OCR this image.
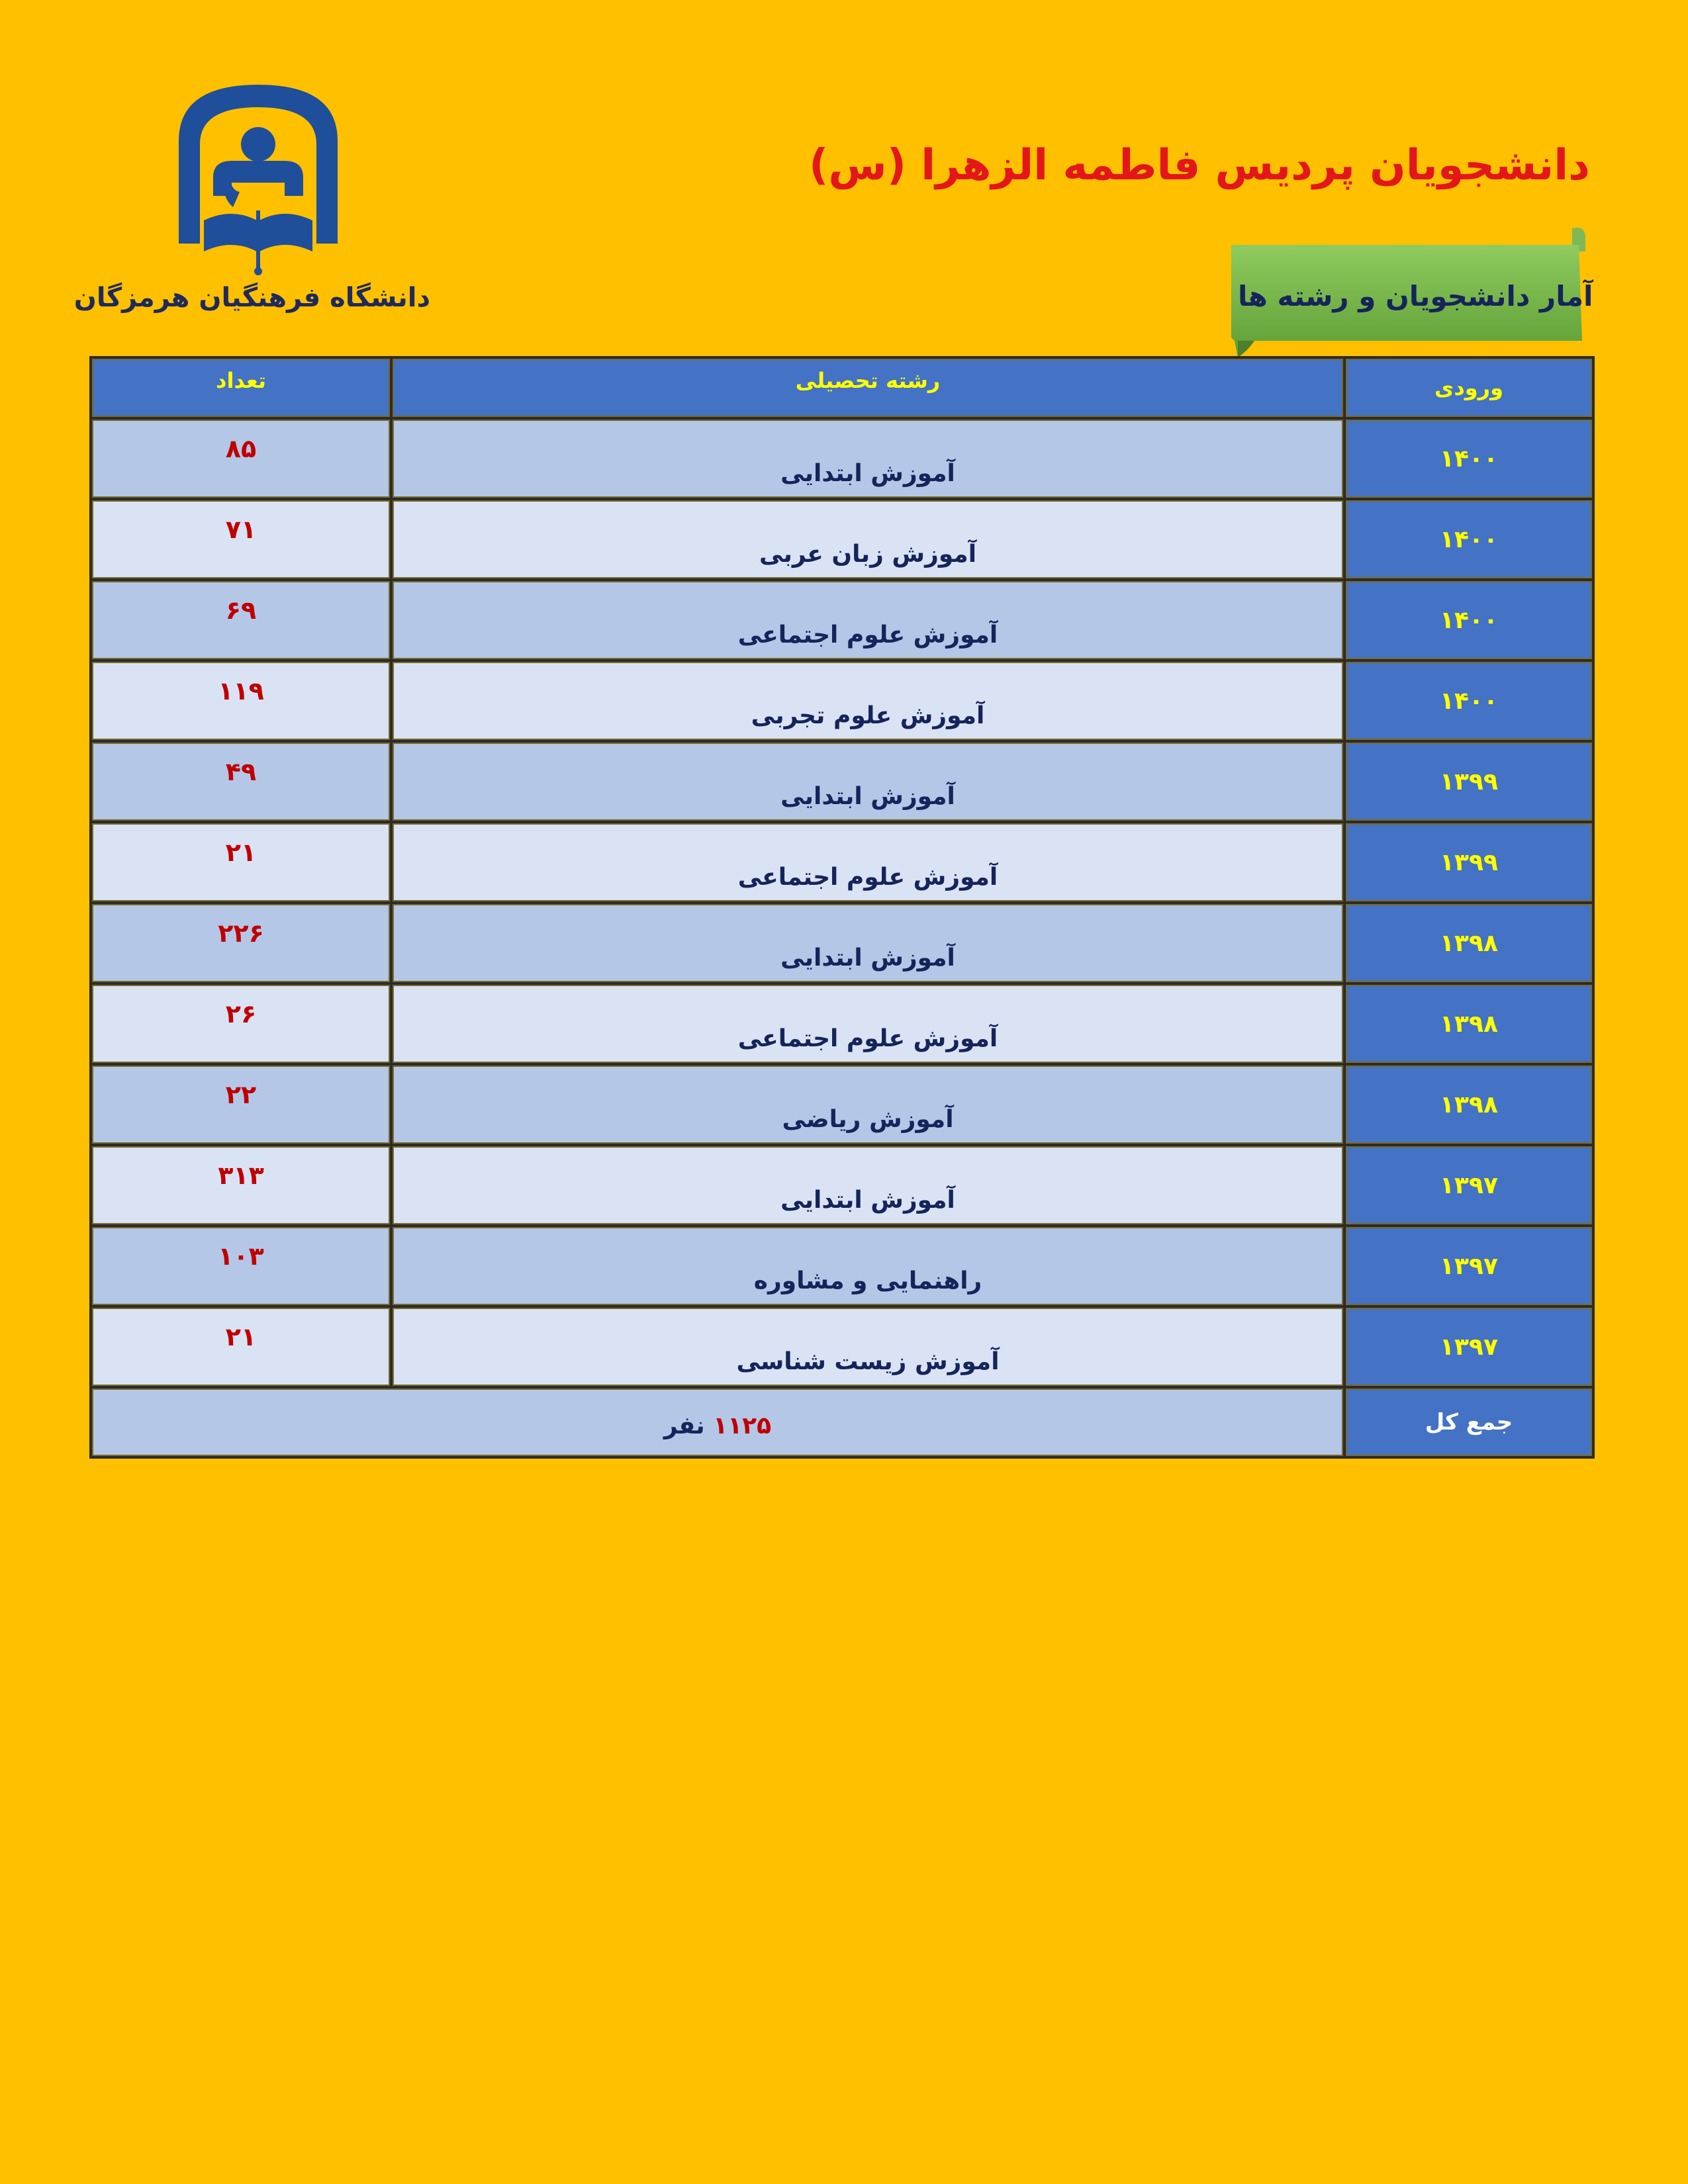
دانشجویان پردیس فاطمه الزهرا (س)
دانشگاه فرهنگیان هرمزگان	آمار دانشجویان و رشته ها
ورودی	رشته تحصیلی	تعداد
۱۴۰۰	آموزش ابتدایی	۸۵
۱۴۰۰	آموزش زبان عربی	۷۱
۱۴۰۰	آموزش علوم اجتماعی	۶۹
۱۴۰۰	آموزش علوم تجربی	۱۱۹
۱۳۹۹	آموزش ابتدایی	۴۹
۱۳۹۹	آموزش علوم اجتماعی	۲۱
۱۳۹۸	آموزش ابتدایی	۲۲۶
۱۳۹۸	آموزش علوم اجتماعی	۲۶
۱۳۹۸	آموزش ریاضی	۲۲
۱۳۹۷	آموزش ابتدایی	۳۱۳
۱۳۹۷	راهنمایی و مشاوره	۱۰۳
۱۳۹۷	آموزش زیست شناسی	۲۱
جمع کل	۱۱۲۵ نفر	
